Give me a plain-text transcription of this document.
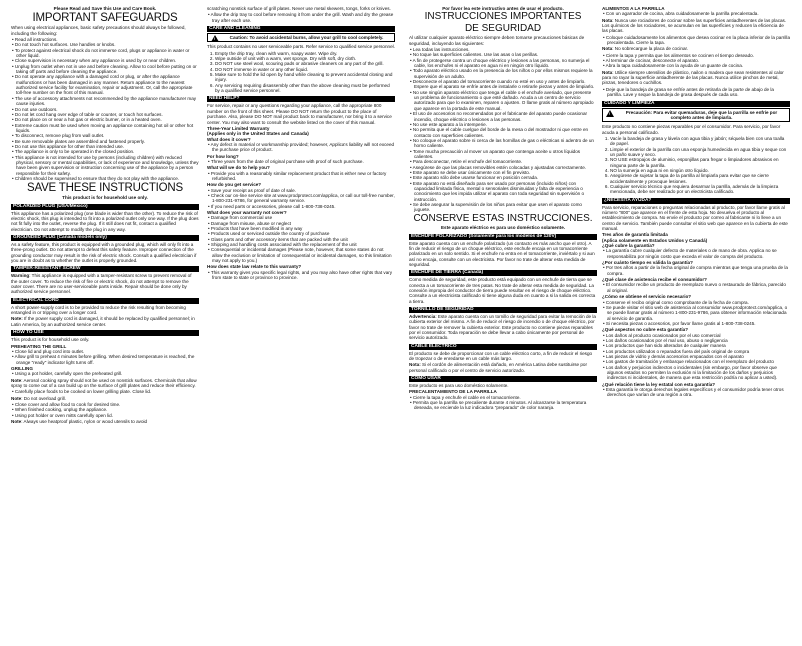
Please Read and Save this Use and Care Book.
IMPORTANT SAFEGUARDS

When using electrical appliances, basic safety precautions should always be followed, including the following:

• Read all instructions.
• Do not touch hot surfaces. Use handles or knobs.
• To protect against electrical shock do not immerse cord, plugs or appliance in water or other liquid.
• Close supervision is necessary when any appliance is used by or near children.
• Unplug from outlet when not in use and before cleaning. Allow to cool before putting on or taking off parts and before cleaning the appliance.
• Do not operate any appliance with a damaged cord or plug, or after the appliance malfunctions or has been damaged in any manner. Return appliance to the nearest authorized service facility for examination, repair or adjustment. Or, call the appropriate toll-free number on the front of this manual.
• The use of accessory attachments not recommended by the appliance manufacturer may cause injuries.
• Do not use outdoors.
• Do not let cord hang over edge of table or counter, or touch hot surfaces.
• Do not place on or near a hot gas or electric burner, or in a heated oven.
• Extreme caution must be used when moving an appliance containing hot oil or other hot liquids.
• To disconnect, remove plug from wall outlet.
• Be sure removable plates are assembled and fastened properly.
• Do not use this appliance for other than intended use.
• The appliance is only to be operated in the closed position.
• This appliance is not intended for use by persons (including children) with reduced physical, sensory or mental capabilities, or lack of experience and knowledge, unless they have been given supervision or instruction concerning use of the appliance by a person responsible for their safety.
• Children should be supervised to ensure that they do not play with the appliance.
SAVE THESE INSTRUCTIONS
This product is for household use only.
POLARIZED PLUG (USA/Mexico)

This appliance has a polarized plug (one blade is wider than the other). To reduce the risk of electric shock, this plug is intended to fit into a polarized outlet only one way. If the plug does not fit fully into the outlet, reverse the plug. If it still does not fit, contact a qualified electrician. Do not attempt to modify the plug in any way.

GROUNDED PLUG (Canada models only)

As a safety feature, this product is equipped with a grounded plug, which will only fit into a three-prong outlet. Do not attempt to defeat this safety feature. Improper connection of the grounding conductor may result in the risk of electric shock. Consult a qualified electrician if you are in doubt as to whether the outlet is properly grounded.

TAMPER-RESISTANT SCREW

Warning: This appliance is equipped with a tamper-resistant screw to prevent removal of the outer cover. To reduce the risk of fire or electric shock, do not attempt to remove the outer cover. There are no user-serviceable parts inside. Repair should be done only by authorized service personnel.

ELECTRICAL CORD

A short power-supply cord is to be provided to reduce the risk resulting from becoming entangled in or tripping over a longer cord.

Note: If the power supply cord is damaged, it should be replaced by qualified personnel; in Latin America, by an authorized service center.

HOW TO USE

This product is for household use only.

PREHEATING THE GRILL
• Close lid and plug cord into outlet.
• Allow grill to preheat 4 minutes before grilling. When desired temperature is reached, the orange "ready" indicator light turns off.
GRILLING
• Using a pot holder, carefully open the preheated grill.

Note: Aerosol cooking spray should not be used on nonstick surfaces. Chemicals that allow spray to come out of a can build up on the surface of grill plates and reduce their efficiency.

• Carefully place foods to be cooked on lower grilling plate. Close lid.

Note: Do not overload grill.

• Close cover and allow food to cook for desired time.
• When finished cooking, unplug the appliance.
• Using pot holder or oven mitts carefully open lid.

Note: Always use heatproof plastic, nylon or wood utensils to avoid

scratching nonstick surface of grill plates. Never use metal skewers, tongs, forks or knives.

• Allow the drip tray to cool before removing it from under the grill. Wash and dry the grease tray after each use.
CARE AND CLEANING
!	Caution: To avoid accidental burns, allow your grill to cool completely.

This product contains no user serviceable parts. Refer service to qualified service personnel.

1. Empty the drip tray, clean with warm, soapy water. Wipe dry.
2. Wipe outside of unit with a warm, wet sponge. Dry with soft, dry cloth.
3. DO NOT use steel wool, scouring pads or abrasive cleaners on any part of the grill.
4. DO NOT immerse in water or any other liquid.
5. Make sure to hold the lid open by hand while cleaning to prevent accidental closing and injury.
6. Any servicing requiring disassembly other than the above cleaning must be performed by a qualified service personnel.
NEED HELP?

For service, repair or any questions regarding your appliance, call the appropriate 800 number on the front of this sheet. Please DO NOT return the product to the place of purchase. Also, please DO NOT mail product back to manufacturer, nor bring it to a service center. You may also want to consult the website listed on the cover of this manual.

Three-Year Limited Warranty
(Applies only in the United States and Canada)
What does it cover?
• Any defect in material or workmanship provided; however, Applica's liability will not exceed the purchase price of product.
For how long?
• Three years from the date of original purchase with proof of such purchase.
What will we do to help you?
• Provide you with a reasonably similar replacement product that is either new or factory refurbished.
How do you get service?
• Save your receipt as proof of date of sale.
• Check our on-line service site at www.prodprotect.com/applica, or call our toll-free number, 1-800-231-9786, for general warranty service.
• If you need parts or accessories, please call 1-800-738-0245.
What does your warranty not cover?
• Damage from commercial use
• Damage from misuse, abuse or neglect
• Products that have been modified in any way
• Products used or serviced outside the country of purchase
• Glass parts and other accessory items that are packed with the unit
• Shipping and handling costs associated with the replacement of the unit
• Consequential or incidental damages (Please note, however, that some states do not allow the exclusion or limitation of consequential or incidental damages, so this limitation may not apply to you.)
How does state law relate to this warranty?
• This warranty gives you specific legal rights, and you may also have other rights that vary from state to state or province to province.
Por favor lea este instructivo antes de usar el producto.
INSTRUCCIONES IMPORTANTES
DE SEGURIDAD

Al utilizar cualquier aparato eléctrico siempre deben tomarse precauciones básicas de seguridad, incluyendo las siguientes:

• Lea todas las instrucciones.
• No toque las superficies calientes. Use las asas o las perillas.
• A fin de protegerse contra un choque eléctrico y lesiones a las personas, no sumerja el cable, los enchufes ni el aparato en agua ni en ningún otro líquido.
• Todo aparato eléctrico usado en la presencia de los niños o por ellos mismos requiere la supervisión de un adulto.
• Desconecte el aparato del tomacorriente cuando no esté en uso y antes de limpiarlo. Espere que el aparato se enfríe antes de instalarle o retirarle piezas y antes de limpiarlo.
• No use ningún aparato eléctrico que tenga el cable o el enchufe averiado, que presente un problema de funcionamiento o que esté dañado. Acuda a un centro de servicio autorizado para que lo examinen, reparen o ajusten. O llame gratis al número apropiado que aparece en la portada de este manual.
• El uso de accesorios no recomendados por el fabricante del aparato puede ocasionar incendio, choque eléctrico o lesiones a las personas.
• No use este aparato a la intemperie.
• No permita que el cable cuelgue del borde de la mesa o del mostrador ni que entre en contacto con superficies calientes.
• No coloque el aparato sobre ni cerca de las hornillas de gas o eléctricas ni adentro de un horno caliente.
• Tome mucha precaución al mover un aparato que contenga aceite u otros líquidos calientes.
• Para desconectar, retire el enchufe del tomacorriente.
• Asegúrese de que las placas removibles estén colocadas y ajustadas correctamente.
• Este aparato se debe usar únicamente con el fin previsto.
• Este aparato sólo debe usarse funcionar en posición cerrada.
• Este aparato no está diseñado para ser usado por personas (incluido niños) con capacidad limitada física, mental o sensoriales disminuidas y falta de experiencia o conocimiento que les impida utilizar el aparato con toda seguridad sin supervisión o instrucción.
• Se debe asegurar la supervisión de los niños para evitar que usen el aparato como juguete.
CONSERVE ESTAS INSTRUCCIONES.
Este aparato eléctrico es para uso doméstico solamente.
ENCHUFE POLARIZADO (Solamente para los modelos de 120V)

Este aparato cuenta con un enchufe polarizado (un contacto es más ancho que el otro). A fin de reducir el riesgo de un choque eléctrico, este enchufe encaja en un tomacorriente polarizado en un solo sentido. Si el enchufe no entra en el tomacorriente, inviértalo y si aun así no encaja, consulte con un electricista. Por favor no trate de alterar esta medida de seguridad.

ENCHUFE DE TIERRA (Canadá)

Como medida de seguridad, este producto está equipado con un enchufe de tierra que se conecta a un tomacorriente de tres patas. No trate de alterar esta medida de seguridad. La conexión impropia del conductor de tierra puede resultar en el riesgo de choque eléctrico. Consulte a un electricista calificado si tiene alguna duda en cuanto a si la salida es correcta a tierra.

TORNILLO DE SEGURIDAD

Advertencia: Este aparato cuenta con un tornillo de seguridad para evitar la remoción de la cubierta exterior del mismo. A fin de reducir el riesgo de incendio o de choque eléctrico, por favor no trate de remover la cubierta exterior. Este producto no contiene piezas reparables por el consumidor. Toda reparación se debe llevar a cabo únicamente por personal de servicio autorizado.

CABLE ELÉCTRICO

El producto se debe de proporcionar con un cable eléctrico corto, a fin de reducir el riesgo de tropezar o de enredarse en un cable más largo.

Nota: Si el cordón de alimentación está dañado, en América Latina debe sustituirse por personal calificado o por el centro de servicio autorizado.

COMO USAR

Este producto es para uso doméstico solamente.

PRECALENTAMIENTO DE LA PARRILLA
• Cierre la tapa y enchufe el cable en el tomacorriente.
• Permita que la parrilla se precaliente durante 4 minutos. Al alcanzarse la temperatura deseada, se enciende la luz indicadora "preparado" de color naranja.
ALIMENTOS A LA PARRILLA
• Con un agarrador de cocina, abra cuidadosamente la parrilla precalentada.

Nota: Nunca use rociadores de cocinar sobre las superficies antiadherentes de las placas. Los químicos de los rociadores, se acumulan en las superficies y reducen la eficiencia de las placas.

• Coloque cuidadosamente los alimentos que desea cocinar en la placa inferior de la parrilla precalentada. Cierre la tapa.

Nota: No sobrecargue la placa de cocinar.

• Cierre la tapa y permita que los alimentos se cocinen el tiempo deseado.
• Al terminar de cocinar, desconecte el aparato.
• Abra la tapa cuidadosamente con la ayuda de un guante de cocina.

Nota: Utilice siempre utensilios de plástico, nailon o madera que sean resistentes al calor para no rayar la superficie antiadherente de las placas. Nunca utilice pinchos de metal, pinzas, tenedores o cuchillos.

• Deje que la bandeja de grasa se enfríe antes de retirarla de la parte de abajo de la parrilla. Lave y seque la bandeja de grasa después de cada uso.
CUIDADO Y LIMPIEZA
!	Precaución: Para evitar quemaduras, deje que la parrilla se enfríe por completo antes de limpiarla.

Este producto no contiene piezas reparables por el consumidor. Para servicio, por favor acuda a personal calificado.

1. Vacíe la bandeja de grasa y lávela con agua tibia y jabón; séquela bien con una toalla de papel.
2. Limpie el exterior de la parrilla con una esponja humedecida en agua tibia y seque con un paño suave y seco.
3. NO USE estropajos de aluminio, esponjillas para fregar o limpiadores abrasivos en ninguna parte de la parrilla.
4. NO la sumerja en agua ni en ningún otro líquido.
5. Asegúrese de sujetar la tapa de la parrilla al limpiarla para evitar que se cierre accidentalmente y provoque lesiones.
6. Cualquier servicio técnico que requiera desarmar la parrilla, además de la limpieza mencionada, debe ser realizado por un electricista calificado.
¿NECESITA AYUDA?

Para servicio, reparaciones o preguntas relacionadas al producto, por favor llame gratis al número "800" que aparece en el frente de esta hoja. No devuelva el producto al establecimiento de compra. No envíe el producto por correo al fabricante ni lo lleve a un centro de servicio. También puede consultar el sitio web que aparece en la cubierta de este manual.

Tres años de garantía limitada
(Aplica solamente en Estados Unidos y Canadá)
¿Qué cubre la garantía?
• La garantía cubre cualquier defecto de materiales o de mano de obra. Applica no se responsabiliza por ningún costo que exceda el valor de compra del producto.
¿Por cuánto tiempo es válida la garantía?
• Por tres años a partir de la fecha original de compra mientras que tenga una prueba de la compra.
¿Qué clase de asistencia recibe el consumidor?
• El consumidor recibe un producto de reemplazo nuevo o restaurado de fábrica, parecido al original.
¿Cómo se obtiene el servicio necesario?
• Conserve el recibo original como comprobante de la fecha de compra.
• Se puede visitar el sitio web de asistencia al consumidor www.prodprotect.com/applica, o se puede llamar gratis al número 1-800-231-9786, para obtener información relacionada al servicio de garantía.
• Si necesita piezas o accesorios, por favor llame gratis al 1-800-738-0245.
¿Qué aspectos no cubre esta garantía?
• Los daños al producto ocasionados por el uso comercial
• Los daños ocasionados por el mal uso, abuso o negligencia
• Los productos que han sido alterados de cualquier manera
• Los productos utilizados o reparados fuera del país original de compra
• Las piezas de vidrio y demás accesorios empacados con el aparato
• Los gastos de tramitación y embarque relacionados con el reemplazo del producto
• Los daños y perjuicios indirectos o incidentales (sin embargo, por favor observe que algunos estados no permiten la exclusión ni la limitación de los daños y perjuicios indirectos ni incidentales, de manera que esta restricción podría no aplicar a usted).
¿Qué relación tiene la ley estatal con esta garantía?
• Esta garantía le otorga derechos legales específicos y el consumidor podría tener otros derechos que varían de una región a otra.
